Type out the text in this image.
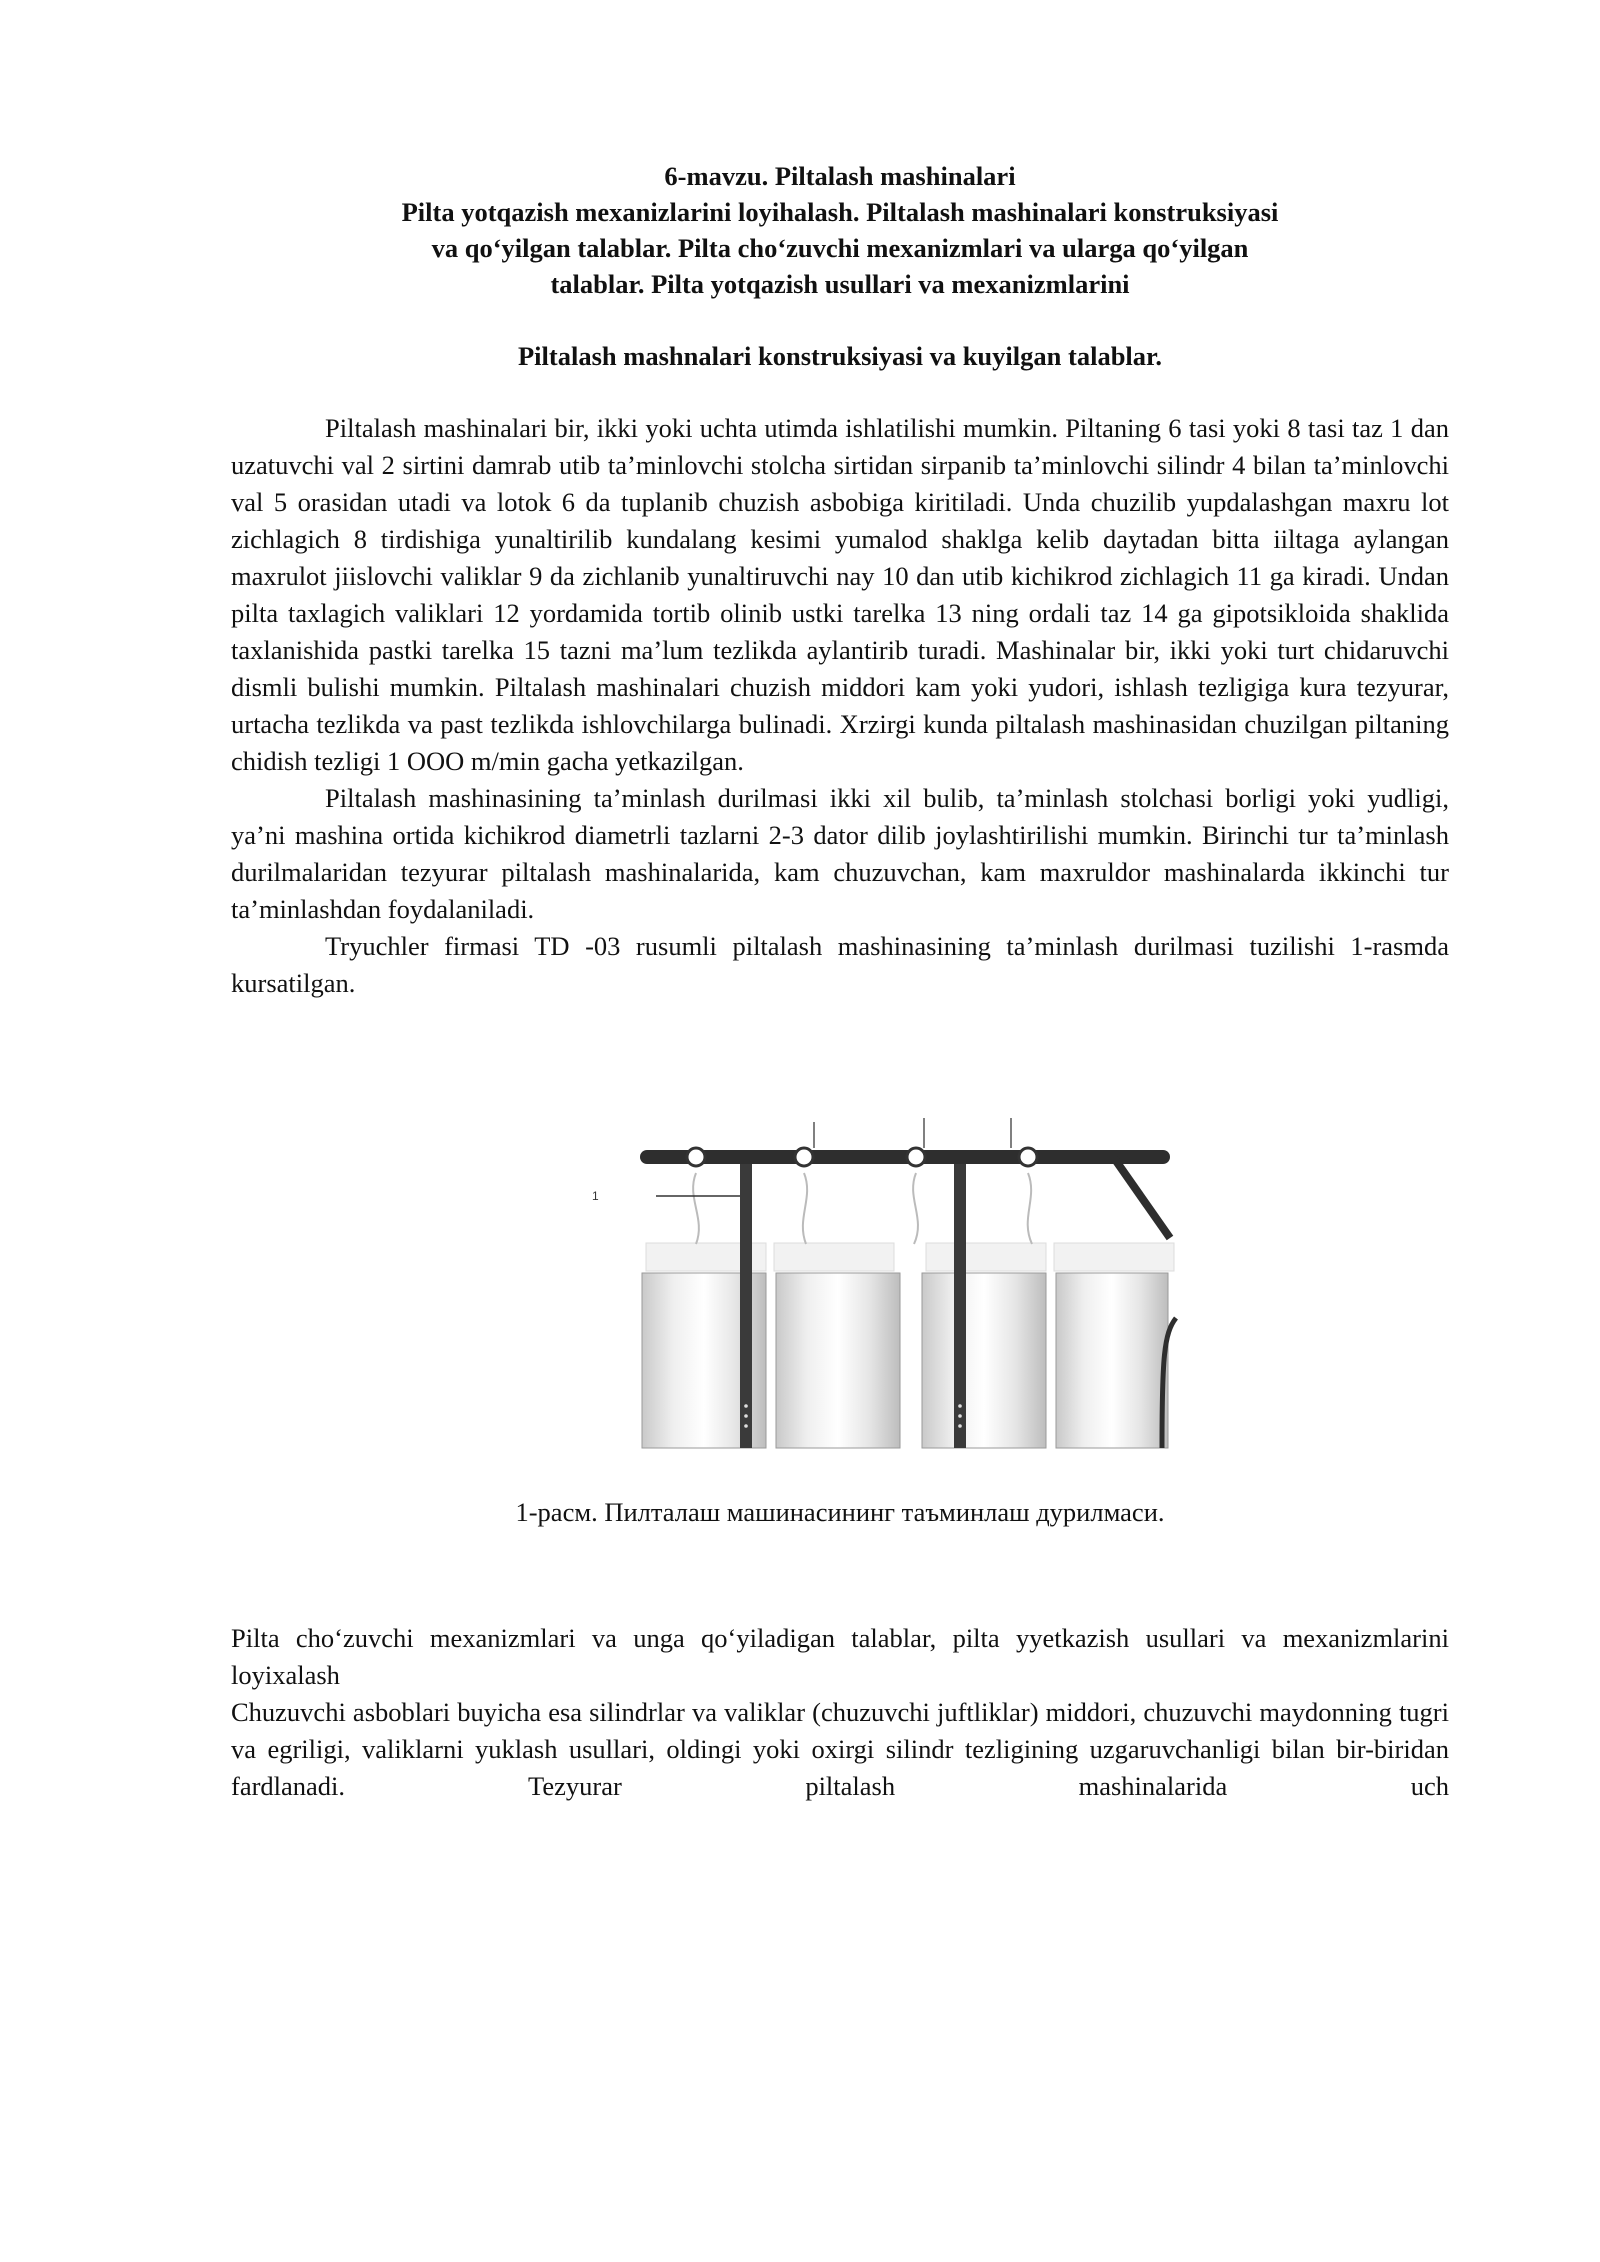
6-mavzu. Piltalash mashinalari
Pilta yotqazish mexanizlarini loyihalash. Piltalash mashinalari konstruksiyasi
va qo‘yilgan talablar. Pilta cho‘zuvchi mexanizmlari va ularga qo‘yilgan
talablar. Pilta yotqazish usullari va mexanizmlarini
Piltalash mashnalari konstruksiyasi va kuyilgan talablar.

Piltalash mashinalari bir, ikki yoki uchta utimda ishlatilishi mumkin. Piltaning 6 tasi yoki 8 tasi taz 1 dan uzatuvchi val 2 sirtini damrab utib ta’minlovchi stolcha sirtidan sirpanib ta’minlovchi silindr 4 bilan ta’minlovchi val 5 orasidan utadi va lotok 6 da tuplanib chuzish asbobiga kiritiladi. Unda chuzilib yupdalashgan maxru lot zichlagich 8 tirdishiga yunaltirilib kundalang kesimi yumalod shaklga kelib daytadan bitta iiltaga aylangan maxrulot jiislovchi valiklar 9 da zichlanib yunaltiruvchi nay 10 dan utib kichikrod zichlagich 11 ga kiradi. Undan pilta taxlagich valiklari 12 yordamida tortib olinib ustki tarelka 13 ning ordali taz 14 ga gipotsikloida shaklida taxlanishida pastki tarelka 15 tazni ma’lum tezlikda aylantirib turadi. Mashinalar bir, ikki yoki turt chidaruvchi dismli bulishi mumkin. Piltalash mashinalari chuzish middori kam yoki yudori, ishlash tezligiga kura tezyurar, urtacha tezlikda va past tezlikda ishlovchilarga bulinadi. Xrzirgi kunda piltalash mashinasidan chuzilgan piltaning chidish tezligi 1 OOO m/min gacha yetkazilgan.

Piltalash mashinasining ta’minlash durilmasi ikki xil bulib, ta’minlash stolchasi borligi yoki yudligi, ya’ni mashina ortida kichikrod diametrli tazlarni 2-3 dator dilib joylashtirilishi mumkin. Birinchi tur ta’minlash durilmalaridan tezyurar piltalash mashinalarida, kam chuzuvchan, kam maxruldor mashinalarda ikkinchi tur ta’minlashdan foydalaniladi.

Tryuchler firmasi TD -03 rusumli piltalash mashinasining ta’minlash durilmasi tuzilishi 1-rasmda kursatilgan.

1
1-расм. Пилталаш машинасининг таъминлаш дурилмаси.

Pilta cho‘zuvchi mexanizmlari va unga qo‘yiladigan talablar, pilta yyetkazish usullari va mexanizmlarini loyixalash

Chuzuvchi asboblari buyicha esa silindrlar va valiklar (chuzuvchi juftliklar) middori, chuzuvchi maydonning tugri va egriligi, valiklarni yuklash usullari, oldingi yoki oxirgi silindr tezligining uzgaruvchanligi bilan bir-biridan fardlanadi. Tezyurar piltalash mashinalarida uch
